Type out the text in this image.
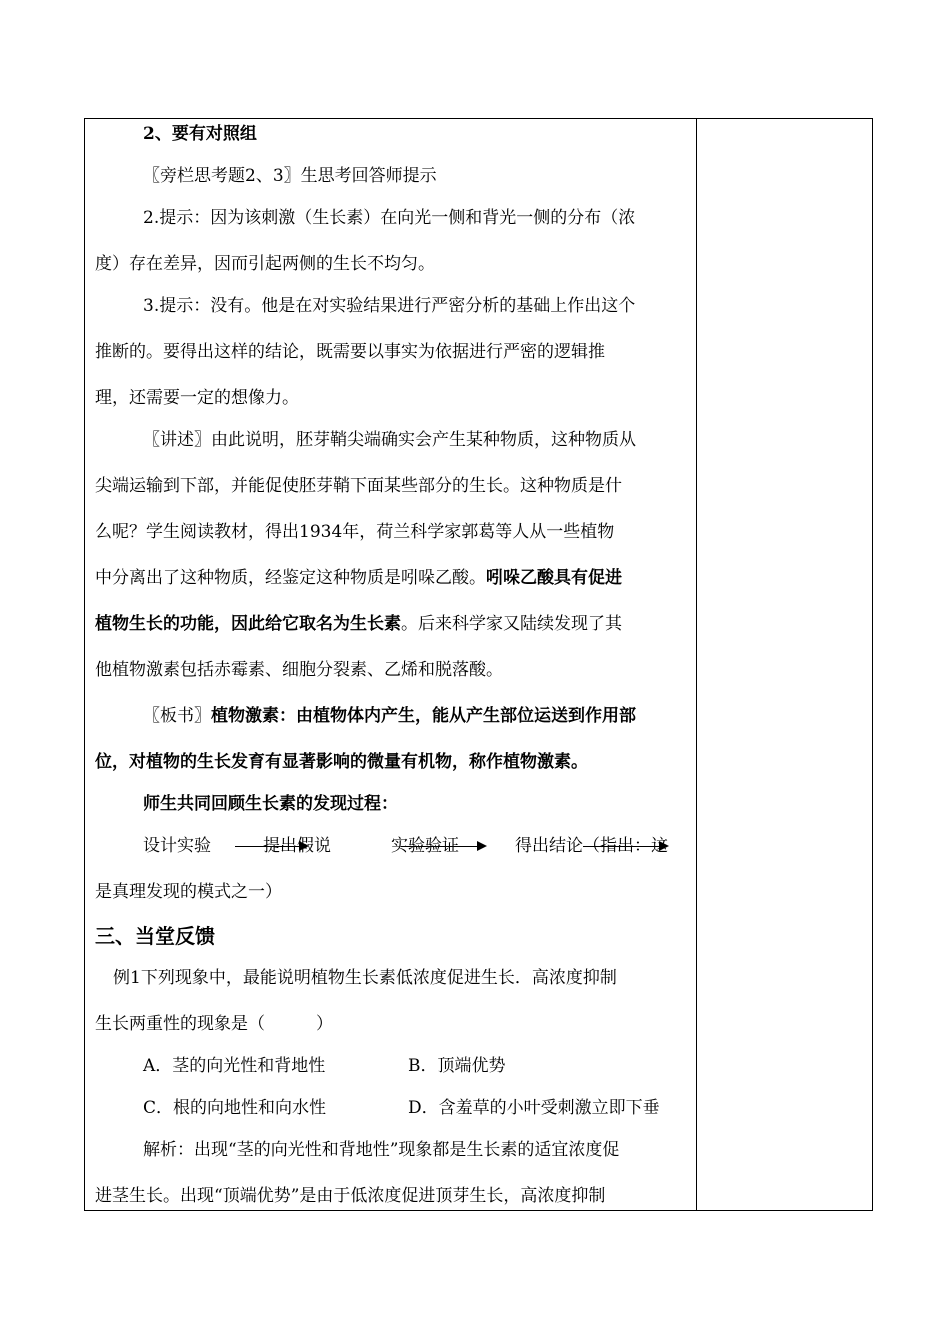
2、要有对照组
〖旁栏思考题2、3〗生思考回答师提示
2.提示：因为该刺激（生长素）在向光一侧和背光一侧的分布（浓
度）存在差异，因而引起两侧的生长不均匀。
3.提示：没有。他是在对实验结果进行严密分析的基础上作出这个
推断的。要得出这样的结论，既需要以事实为依据进行严密的逻辑推
理，还需要一定的想像力。
〖讲述〗由此说明，胚芽鞘尖端确实会产生某种物质，这种物质从
尖端运输到下部，并能促使胚芽鞘下面某些部分的生长。这种物质是什
么呢？学生阅读教材，得出1934年，荷兰科学家郭葛等人从一些植物
中分离出了这种物质，经鉴定这种物质是吲哚乙酸。吲哚乙酸具有促进
植物生长的功能，因此给它取名为生长素。后来科学家又陆续发现了其
他植物激素包括赤霉素、细胞分裂素、乙烯和脱落酸。
〖板书〗植物激素：由植物体内产生，能从产生部位运送到作用部
位，对植物的生长发育有显著影响的微量有机物，称作植物激素。
师生共同回顾生长素的发现过程：
设计实验	提出假说	实验验证	得出结论（指出：这
是真理发现的模式之一）
三、当堂反馈
例1下列现象中，最能说明植物生长素低浓度促进生长．高浓度抑制
生长两重性的现象是（　　　）
A．茎的向光性和背地性	B．顶端优势
C．根的向地性和向水性	D．含羞草的小叶受刺激立即下垂
解析：出现“茎的向光性和背地性”现象都是生长素的适宜浓度促
进茎生长。出现“顶端优势”是由于低浓度促进顶芽生长，高浓度抑制
